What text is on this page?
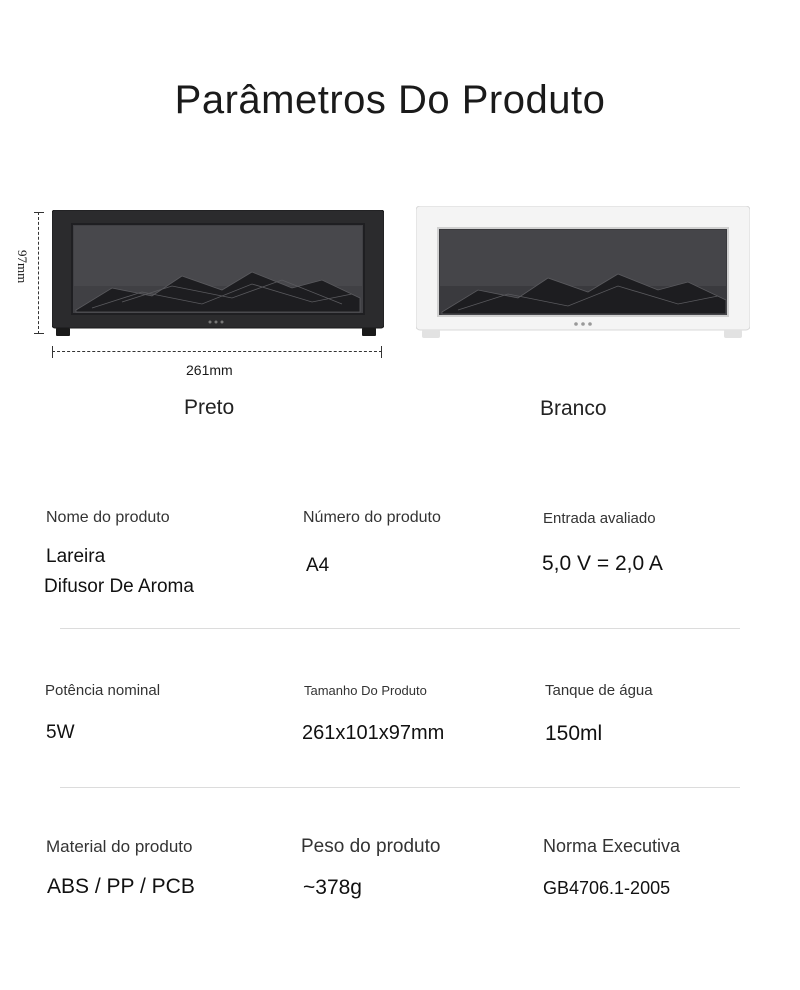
Parâmetros Do Produto
97mm
261mm
Preto	Branco
Nome do produto
Lareira
Difusor De Aroma
Número do produto
A4
Entrada avaliado
5,0 V = 2,0 A
Potência nominal
5W
Tamanho Do Produto
261x101x97mm
Tanque de água
150ml
Material do produto
ABS / PP / PCB
Peso do produto
~378g
Norma Executiva
GB4706.1-2005
